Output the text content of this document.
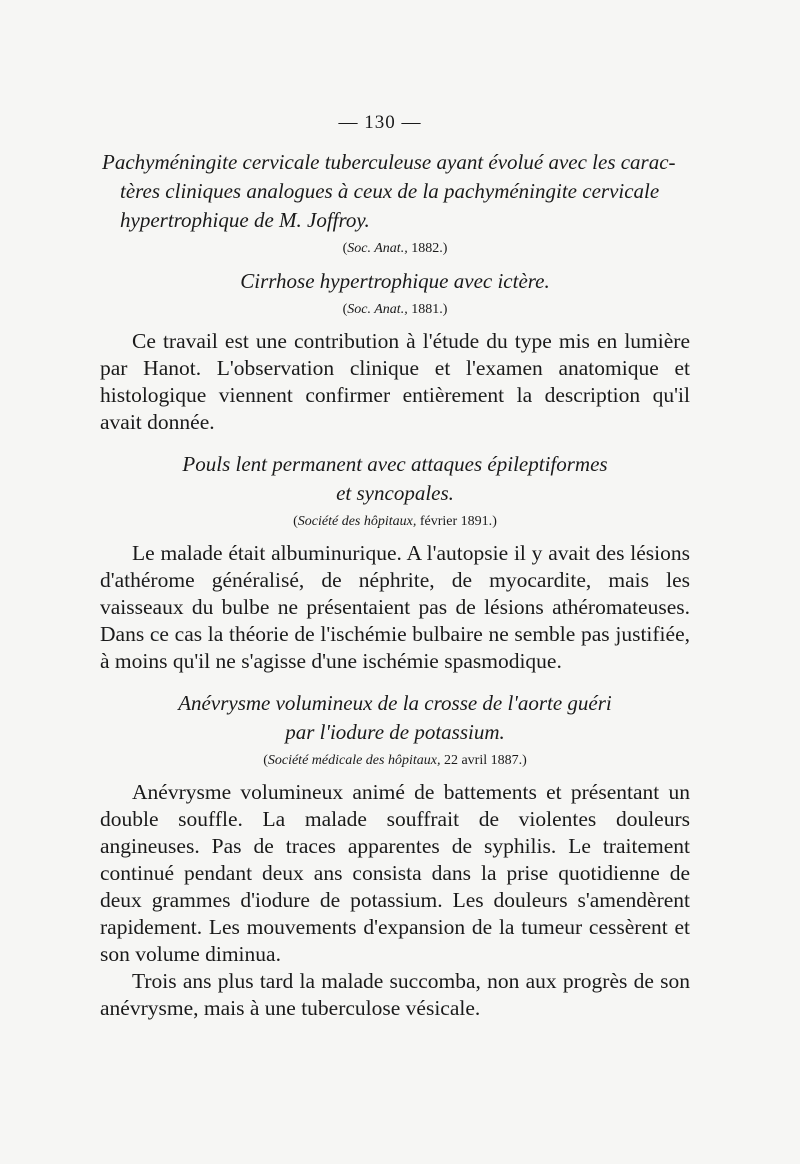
— 130 —

Pachyméningite cervicale tuberculeuse ayant évolué avec les carac-
tères cliniques analogues à ceux de la pachyméningite cervicale
hypertrophique de M. Joffroy.

(Soc. Anat., 1882.)

Cirrhose hypertrophique avec ictère.

(Soc. Anat., 1881.)

Ce travail est une contribution à l'étude du type mis en lumière par Hanot. L'observation clinique et l'examen anatomique et histologique viennent confirmer entièrement la description qu'il avait donnée.

Pouls lent permanent avec attaques épileptiformes
et syncopales.

(Société des hôpitaux, février 1891.)

Le malade était albuminurique. A l'autopsie il y avait des lésions d'athérome généralisé, de néphrite, de myocardite, mais les vaisseaux du bulbe ne présentaient pas de lésions athéromateuses. Dans ce cas la théorie de l'ischémie bulbaire ne semble pas justifiée, à moins qu'il ne s'agisse d'une ischémie spasmodique.

Anévrysme volumineux de la crosse de l'aorte guéri
par l'iodure de potassium.

(Société médicale des hôpitaux, 22 avril 1887.)

Anévrysme volumineux animé de battements et présentant un double souffle. La malade souffrait de violentes douleurs angineuses. Pas de traces apparentes de syphilis. Le traitement continué pendant deux ans consista dans la prise quotidienne de deux grammes d'iodure de potassium. Les douleurs s'amendèrent rapidement. Les mouvements d'expansion de la tumeur cessèrent et son volume diminua.

Trois ans plus tard la malade succomba, non aux progrès de son anévrysme, mais à une tuberculose vésicale.
